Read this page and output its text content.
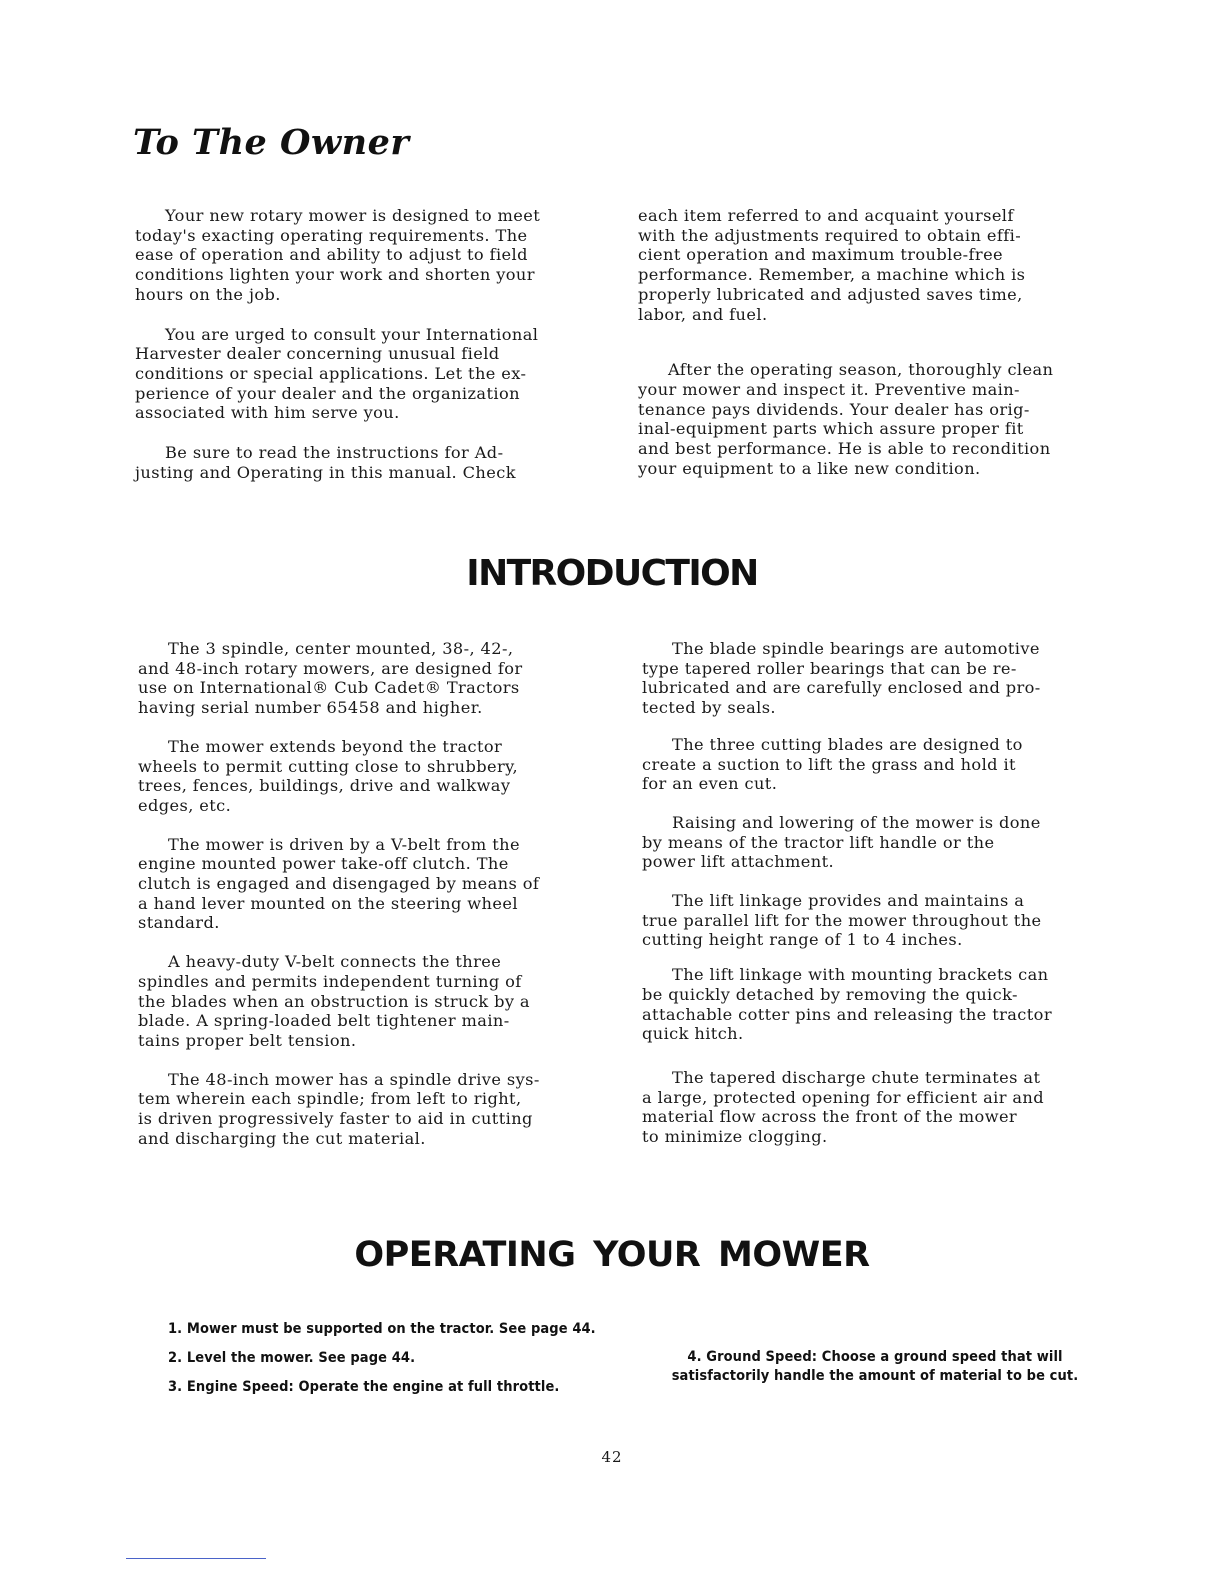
To The Owner

Your new rotary mower is designed to meet
today's exacting operating requirements. The
ease of operation and ability to adjust to field
conditions lighten your work and shorten your
hours on the job.

You are urged to consult your International
Harvester dealer concerning unusual field
conditions or special applications. Let the ex-
perience of your dealer and the organization
associated with him serve you.

Be sure to read the instructions for Ad-
justing and Operating in this manual. Check

each item referred to and acquaint yourself
with the adjustments required to obtain effi-
cient operation and maximum trouble-free
performance. Remember, a machine which is
properly lubricated and adjusted saves time,
labor, and fuel.

After the operating season, thoroughly clean
your mower and inspect it. Preventive main-
tenance pays dividends. Your dealer has orig-
inal-equipment parts which assure proper fit
and best performance. He is able to recondition
your equipment to a like new condition.

INTRODUCTION

The 3 spindle, center mounted, 38-, 42-,
and 48-inch rotary mowers, are designed for
use on International® Cub Cadet® Tractors
having serial number 65458 and higher.

The mower extends beyond the tractor
wheels to permit cutting close to shrubbery,
trees, fences, buildings, drive and walkway
edges, etc.

The mower is driven by a V-belt from the
engine mounted power take-off clutch. The
clutch is engaged and disengaged by means of
a hand lever mounted on the steering wheel
standard.

A heavy-duty V-belt connects the three
spindles and permits independent turning of
the blades when an obstruction is struck by a
blade. A spring-loaded belt tightener main-
tains proper belt tension.

The 48-inch mower has a spindle drive sys-
tem wherein each spindle; from left to right,
is driven progressively faster to aid in cutting
and discharging the cut material.

The blade spindle bearings are automotive
type tapered roller bearings that can be re-
lubricated and are carefully enclosed and pro-
tected by seals.

The three cutting blades are designed to
create a suction to lift the grass and hold it
for an even cut.

Raising and lowering of the mower is done
by means of the tractor lift handle or the
power lift attachment.

The lift linkage provides and maintains a
true parallel lift for the mower throughout the
cutting height range of 1 to 4 inches.

The lift linkage with mounting brackets can
be quickly detached by removing the quick-
attachable cotter pins and releasing the tractor
quick hitch.

The tapered discharge chute terminates at
a large, protected opening for efficient air and
material flow across the front of the mower
to minimize clogging.

OPERATING YOUR MOWER

1. Mower must be supported on the tractor. See page 44.

2. Level the mower. See page 44.

3. Engine Speed: Operate the engine at full throttle.

4. Ground Speed: Choose a ground speed that will
satisfactorily handle the amount of material to be cut.

42
